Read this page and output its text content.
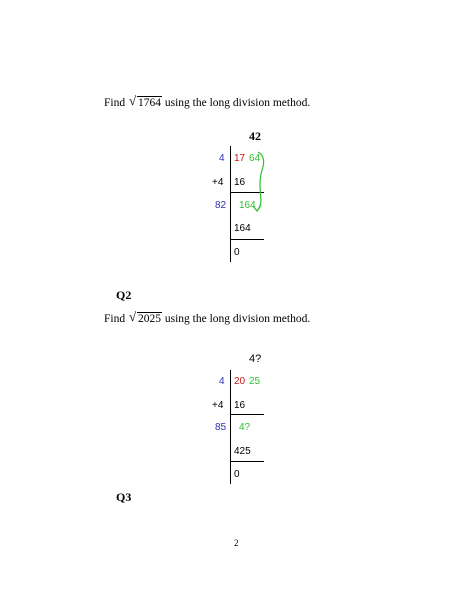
Find √ 1764 using the long division method.
42
4 17 64
+4 16
82 164
164
0
Q2
Find √ 2025 using the long division method.
4?
4 20 25
+4 16
85 4?
425
0
Q3
2
